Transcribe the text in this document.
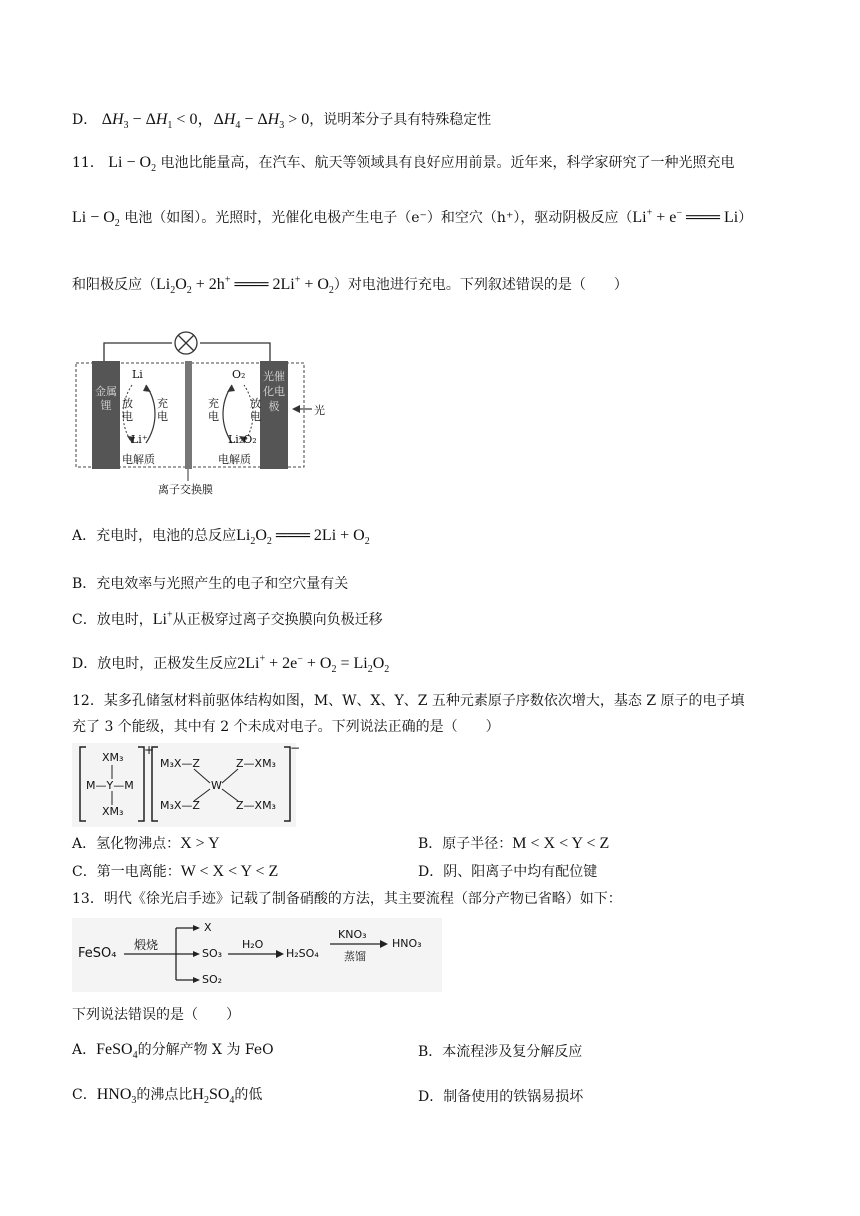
D． $\Delta H_3 - \Delta H_1 < 0$，$\Delta H_4 - \Delta H_3 > 0$，说明苯分子具有特殊稳定性
11． $Li - O_2$ 电池比能量高，在汽车、航天等领域具有良好应用前景。近年来，科学家研究了一种光照充电
$Li - O_2$ 电池（如图）。光照时，光催化电极产生电子（e⁻）和空穴（h⁺），驱动阴极反应（Li+ + e− ═══ Li）
和阳极反应（$Li_2O_2 + 2h^+$ ═══ $2Li^+ + O_2$）对电池进行充电。下列叙述错误的是（　　）
金属锂
光催化电极
Li
Li⁺
放电
充电
电解质
O₂
Li₂O₂
充电
放电
电解质
光
离子交换膜
A．充电时，电池的总反应$Li_2O_2$ ═══ $2Li + O_2$
B．充电效率与光照产生的电子和空穴量有关
C．放电时，Li+从正极穿过离子交换膜向负极迁移
D．放电时，正极发生反应$2Li^+ + 2e^- + O_2 = Li_2O_2$
12．某多孔储氢材料前驱体结构如图，M、W、X、Y、Z 五种元素原子序数依次增大，基态 Z 原子的电子填
充了 3 个能级，其中有 2 个未成对电子。下列说法正确的是（　　）
XM₃
M—Y—M
XM₃
+
M₃X—Z	Z—XM₃
W
M₃X—Z	Z—XM₃
−
A．氢化物沸点：X > Y	B．原子半径：M < X < Y < Z
C．第一电离能：W < X < Y < Z	D．阴、阳离子中均有配位键
13．明代《徐光启手迹》记载了制备硝酸的方法，其主要流程（部分产物已省略）如下：
FeSO₄
煅烧
X
SO₃
SO₂
H₂O
H₂SO₄
KNO₃
蒸馏
HNO₃
下列说法错误的是（　　）
A．FeSO$_4$的分解产物 X 为 FeO	B．本流程涉及复分解反应
C．$HNO_3$的沸点比$H_2SO_4$的低	D．制备使用的铁锅易损坏
